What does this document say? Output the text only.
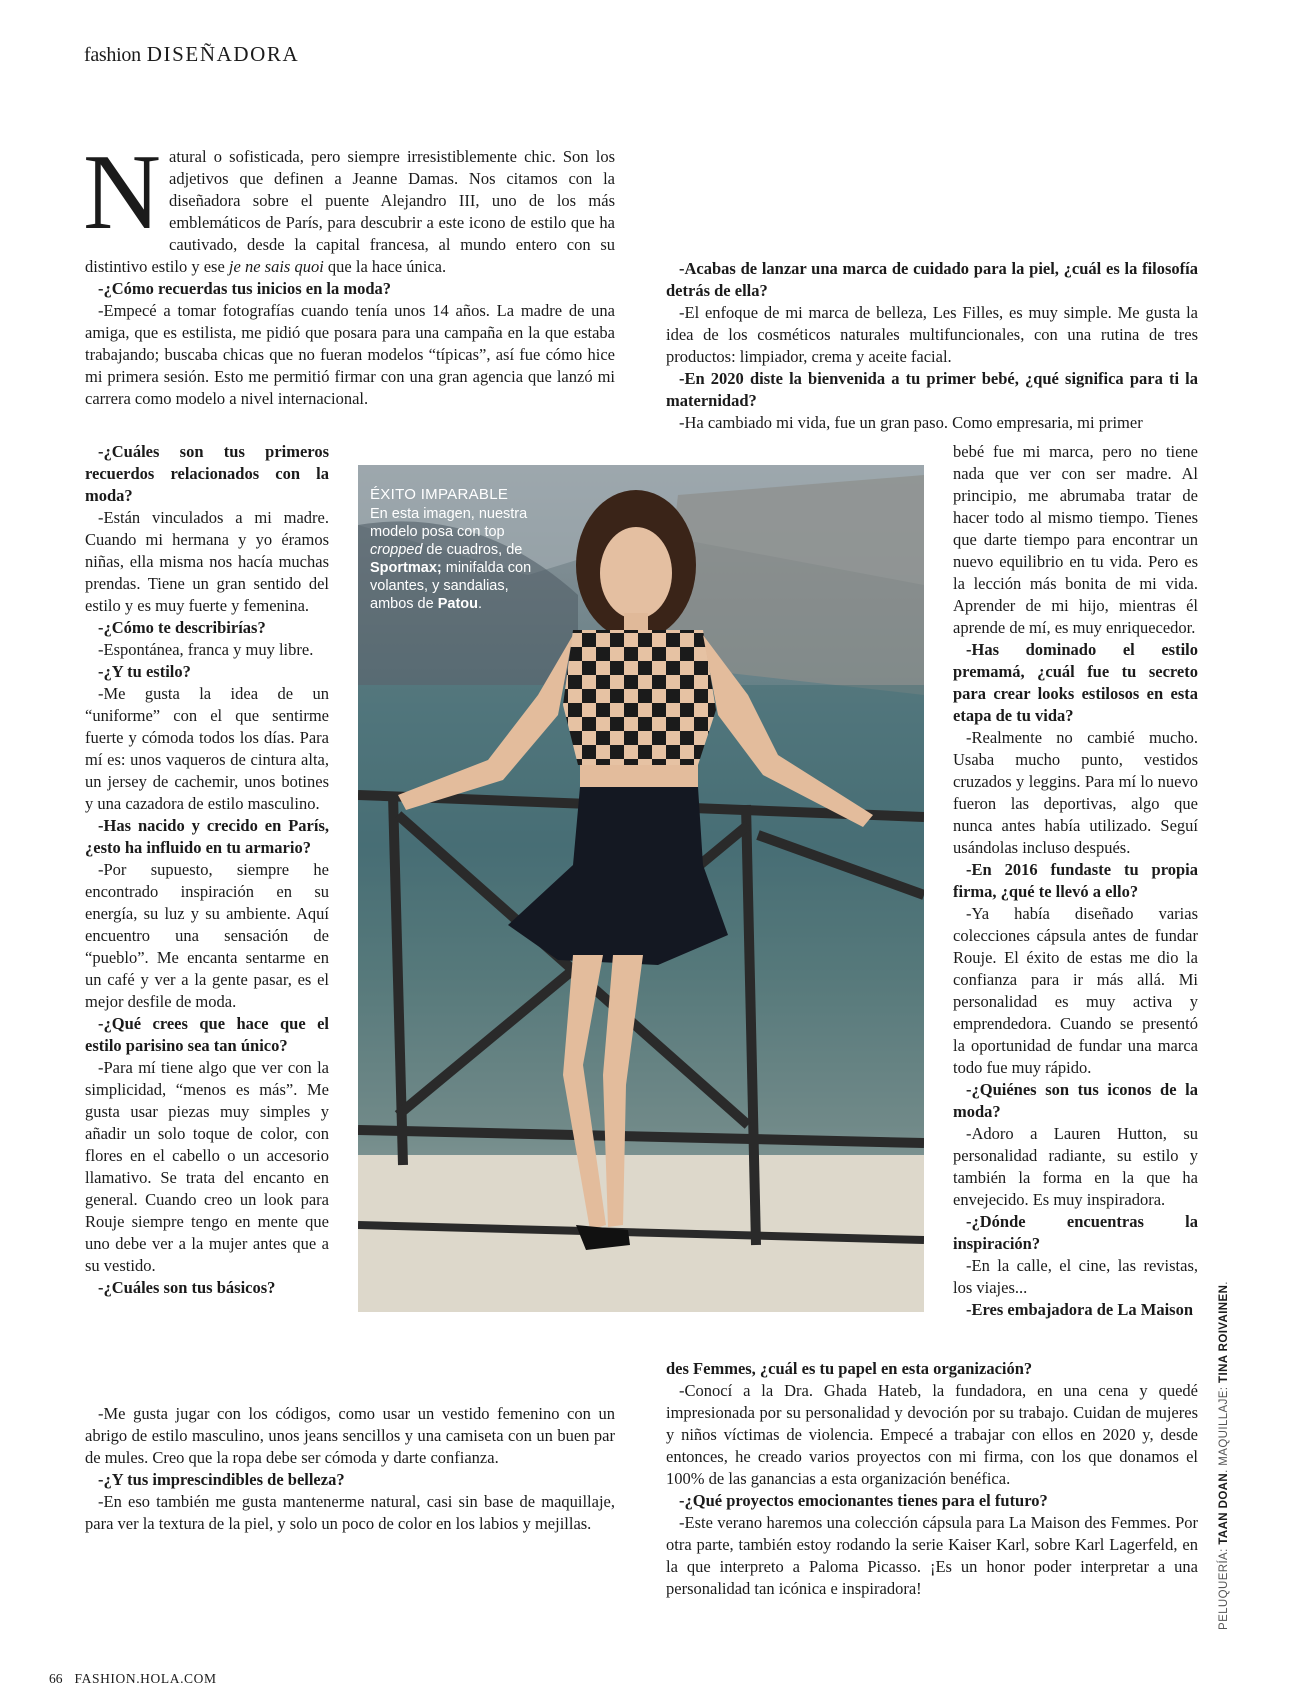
fashion DISEÑADORA

Natural o sofisticada, pero siempre irresistiblemente chic. Son los adjetivos que definen a Jeanne Damas. Nos citamos con la diseñadora sobre el puente Alejandro III, uno de los más emblemáticos de París, para descubrir a este icono de estilo que ha cautivado, desde la capital francesa, al mundo entero con su distintivo estilo y ese je ne sais quoi que la hace única.

-¿Cómo recuerdas tus inicios en la moda?

-Empecé a tomar fotografías cuando tenía unos 14 años. La madre de una amiga, que es estilista, me pidió que posara para una campaña en la que estaba trabajando; buscaba chicas que no fueran modelos “típicas”, así fue cómo hice mi primera sesión. Esto me permitió firmar con una gran agencia que lanzó mi carrera como modelo a nivel internacional.

-¿Cuáles son tus primeros recuerdos relacionados con la moda?

-Están vinculados a mi madre. Cuando mi hermana y yo éramos niñas, ella misma nos hacía muchas prendas. Tiene un gran sentido del estilo y es muy fuerte y femenina.

-¿Cómo te describirías?

-Espontánea, franca y muy libre.

-¿Y tu estilo?

-Me gusta la idea de un “uniforme” con el que sentirme fuerte y cómoda todos los días. Para mí es: unos vaqueros de cintura alta, un jersey de cachemir, unos botines y una cazadora de estilo masculino.

-Has nacido y crecido en París, ¿esto ha influido en tu armario?

-Por supuesto, siempre he encontrado inspiración en su energía, su luz y su ambiente. Aquí encuentro una sensación de “pueblo”. Me encanta sentarme en un café y ver a la gente pasar, es el mejor desfile de moda.

-¿Qué crees que hace que el estilo parisino sea tan único?

-Para mí tiene algo que ver con la simplicidad, “menos es más”. Me gusta usar piezas muy simples y añadir un solo toque de color, con flores en el cabello o un accesorio llamativo. Se trata del encanto en general. Cuando creo un look para Rouje siempre tengo en mente que uno debe ver a la mujer antes que a su vestido.

-¿Cuáles son tus básicos?

-Me gusta jugar con los códigos, como usar un vestido femenino con un abrigo de estilo masculino, unos jeans sencillos y una camiseta con un buen par de mules. Creo que la ropa debe ser cómoda y darte confianza.

-¿Y tus imprescindibles de belleza?

-En eso también me gusta mantenerme natural, casi sin base de maquillaje, para ver la textura de la piel, y solo un poco de color en los labios y mejillas.

-Acabas de lanzar una marca de cuidado para la piel, ¿cuál es la filosofía detrás de ella?

-El enfoque de mi marca de belleza, Les Filles, es muy simple. Me gusta la idea de los cosméticos naturales multifuncionales, con una rutina de tres productos: limpiador, crema y aceite facial.

-En 2020 diste la bienvenida a tu primer bebé, ¿qué significa para ti la maternidad?

-Ha cambiado mi vida, fue un gran paso. Como empresaria, mi primer

bebé fue mi marca, pero no tiene nada que ver con ser madre. Al principio, me abrumaba tratar de hacer todo al mismo tiempo. Tienes que darte tiempo para encontrar un nuevo equilibrio en tu vida. Pero es la lección más bonita de mi vida. Aprender de mi hijo, mientras él aprende de mí, es muy enriquecedor.

-Has dominado el estilo premamá, ¿cuál fue tu secreto para crear looks estilosos en esta etapa de tu vida?

-Realmente no cambié mucho. Usaba mucho punto, vestidos cruzados y leggins. Para mí lo nuevo fueron las deportivas, algo que nunca antes había utilizado. Seguí usándolas incluso después.

-En 2016 fundaste tu propia firma, ¿qué te llevó a ello?

-Ya había diseñado varias colecciones cápsula antes de fundar Rouje. El éxito de estas me dio la confianza para ir más allá. Mi personalidad es muy activa y emprendedora. Cuando se presentó la oportunidad de fundar una marca todo fue muy rápido.

-¿Quiénes son tus iconos de la moda?

-Adoro a Lauren Hutton, su personalidad radiante, su estilo y también la forma en la que ha envejecido. Es muy inspiradora.

-¿Dónde encuentras la inspiración?

-En la calle, el cine, las revistas, los viajes...

-Eres embajadora de La Maison

des Femmes, ¿cuál es tu papel en esta organización?

-Conocí a la Dra. Ghada Hateb, la fundadora, en una cena y quedé impresionada por su personalidad y devoción por su trabajo. Cuidan de mujeres y niños víctimas de violencia. Empecé a trabajar con ellos en 2020 y, desde entonces, he creado varios proyectos con mi firma, con los que donamos el 100% de las ganancias a esta organización benéfica.

-¿Qué proyectos emocionantes tienes para el futuro?

-Este verano haremos una colección cápsula para La Maison des Femmes. Por otra parte, también estoy rodando la serie Kaiser Karl, sobre Karl Lagerfeld, en la que interpreto a Paloma Picasso. ¡Es un honor poder interpretar a una personalidad tan icónica e inspiradora!

ÉXITO IMPARABLE
En esta imagen, nuestra modelo posa con top cropped de cuadros, de Sportmax; minifalda con volantes, y sandalias, ambos de Patou.
66 FASHION.HOLA.COM
PELUQUERÍA: TAAN DOAN. MAQUILLAJE: TINA ROIVAINEN.
